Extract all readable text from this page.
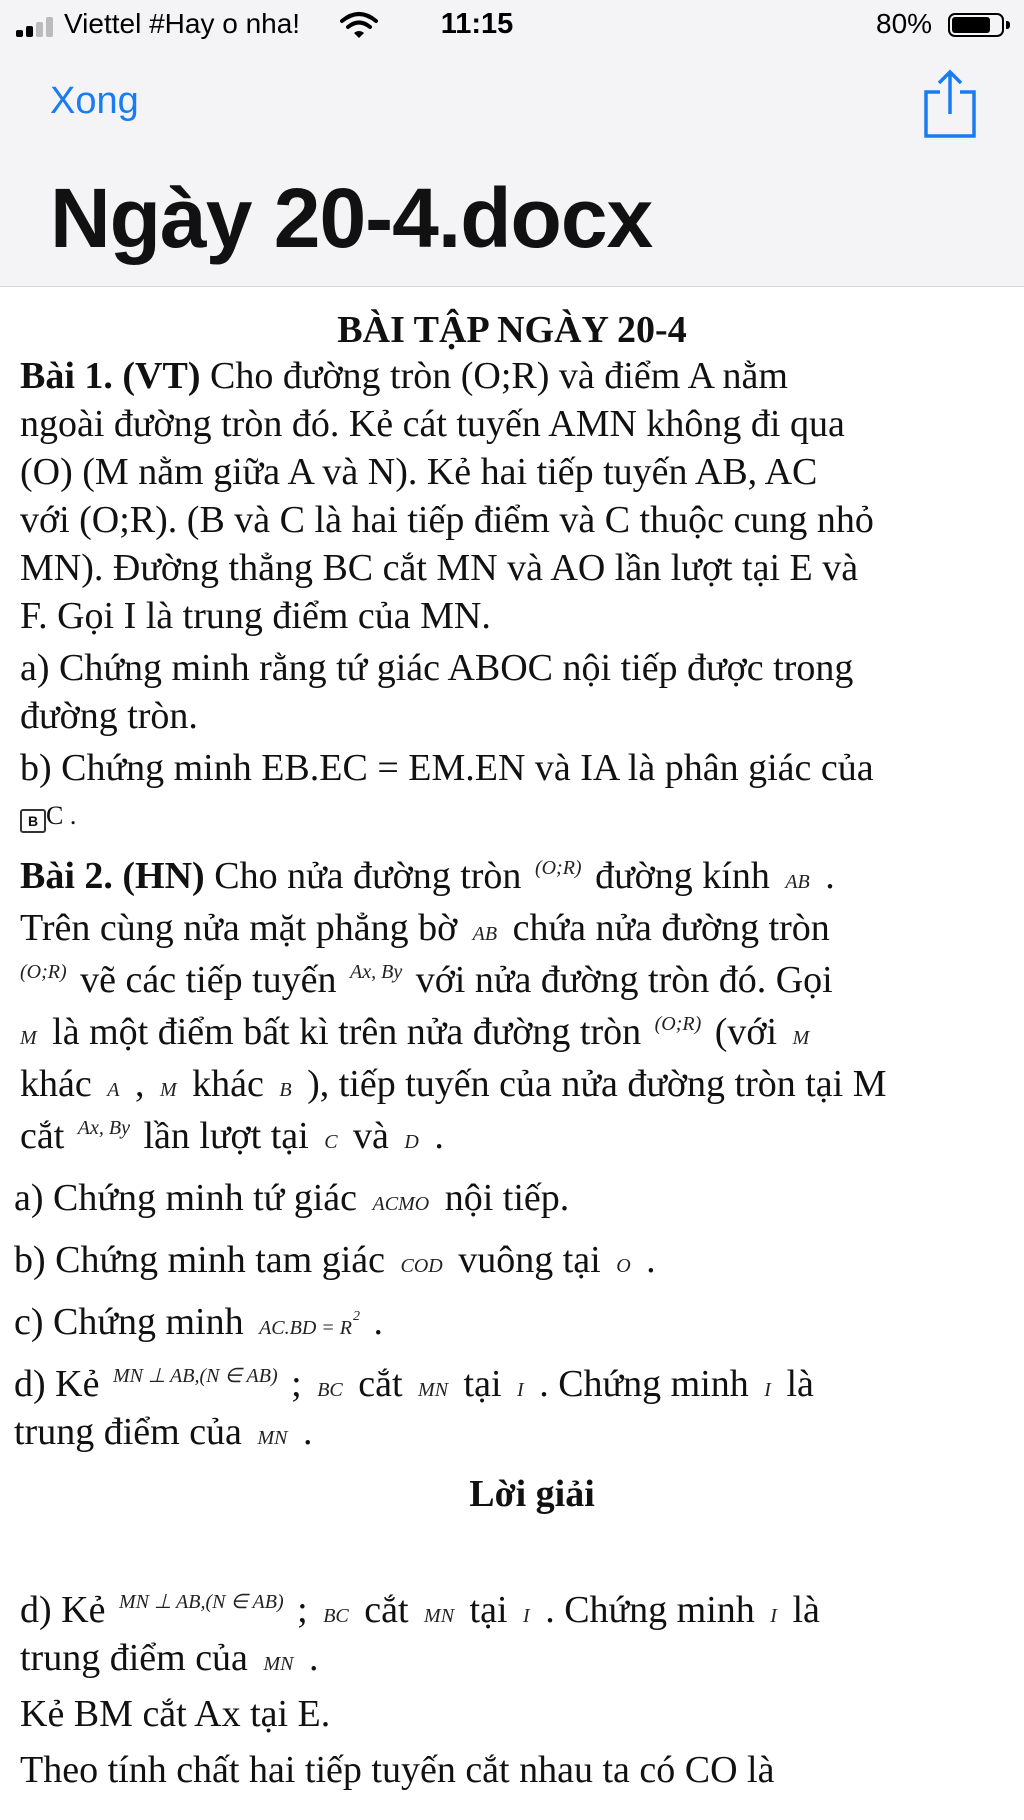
Viettel #Hay o nha!	11:15	80%
Xong
Ngày 20-4.docx
BÀI TẬP NGÀY 20-4
Bài 1. (VT) Cho đường tròn (O;R) và điểm A nằm
ngoài đường tròn đó. Kẻ cát tuyến AMN không đi qua
(O) (M nằm giữa A và N). Kẻ hai tiếp tuyến AB, AC
với (O;R). (B và C là hai tiếp điểm và C thuộc cung nhỏ
MN). Đường thẳng BC cắt MN và AO lần lượt tại E và
F. Gọi I là trung điểm của MN.
a) Chứng minh rằng tứ giác ABOC nội tiếp được trong
đường tròn.
b) Chứng minh EB.EC = EM.EN và IA là phân giác của
B C .
Bài 2. (HN) Cho nửa đường tròn $^{(O;R)}$ đường kính AB .
Trên cùng nửa mặt phẳng bờ AB chứa nửa đường tròn
$^{(O;R)}$ vẽ các tiếp tuyến $^{Ax, By}$ với nửa đường tròn đó. Gọi
M là một điểm bất kì trên nửa đường tròn $^{(O;R)}$ (với M
khác A , M khác B ), tiếp tuyến của nửa đường tròn tại M
cắt $^{Ax, By}$ lần lượt tại C và D .
a) Chứng minh tứ giác ACMO nội tiếp.
b) Chứng minh tam giác COD vuông tại O .
c) Chứng minh $AC.BD = R^2$ .
d) Kẻ $^{MN \perp AB,(N \in AB)}$ ; BC cắt MN tại I . Chứng minh I là
trung điểm của MN .
Lời giải
d) Kẻ $^{MN \perp AB,(N \in AB)}$ ; BC cắt MN tại I . Chứng minh I là
trung điểm của MN .
Kẻ BM cắt Ax tại E.
Theo tính chất hai tiếp tuyến cắt nhau ta có CO là
